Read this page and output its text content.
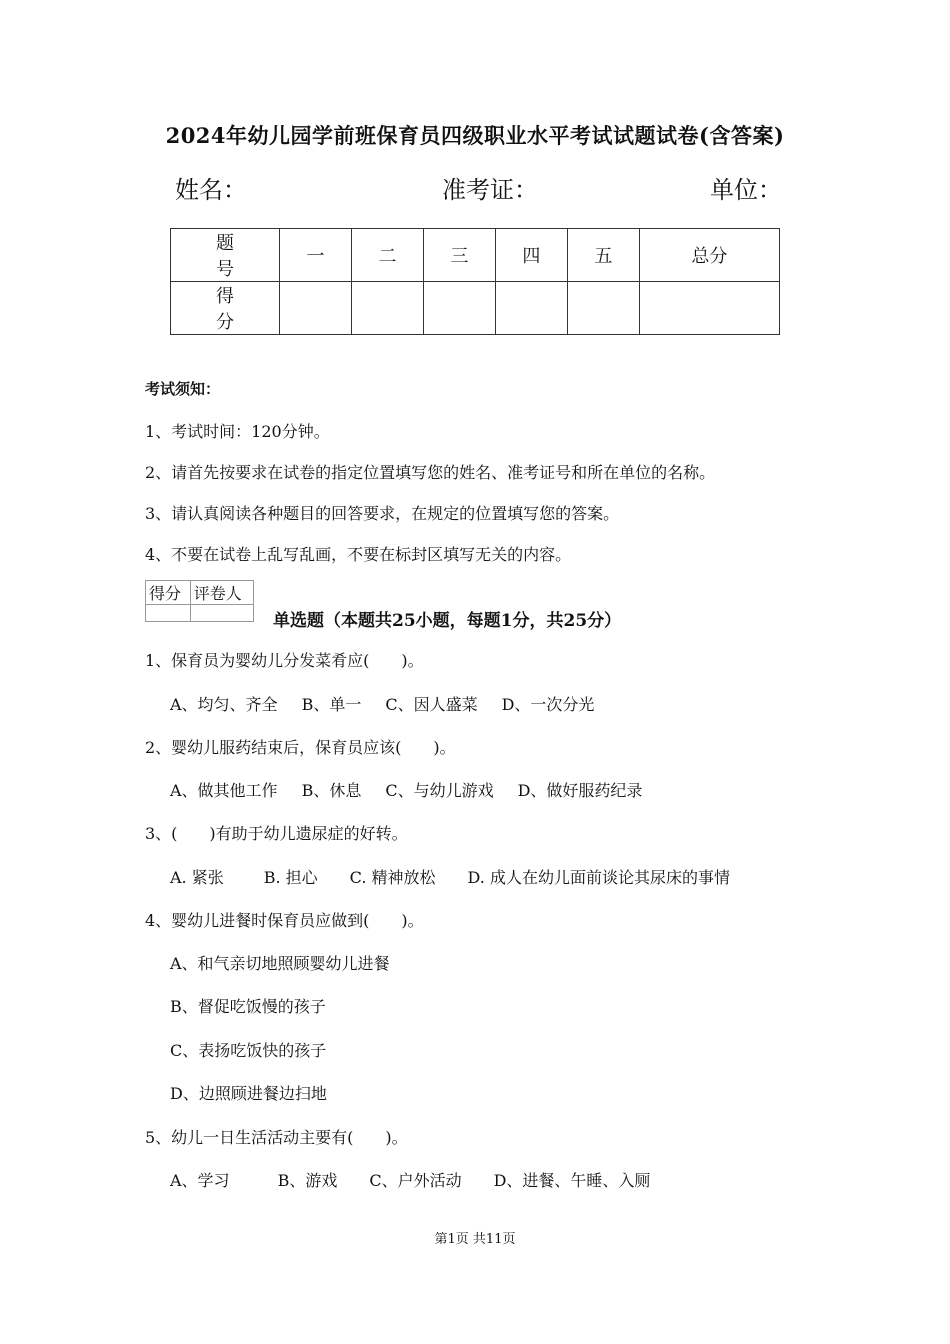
2024年幼儿园学前班保育员四级职业水平考试试题试卷(含答案)
姓名：	准考证：	单位：
题　号	一	二	三	四	五	总分
得　分						
考试须知：
1、考试时间：120分钟。
2、请首先按要求在试卷的指定位置填写您的姓名、准考证号和所在单位的名称。
3、请认真阅读各种题目的回答要求，在规定的位置填写您的答案。
4、不要在试卷上乱写乱画，不要在标封区填写无关的内容。
得分	评卷人

单选题（本题共25小题，每题1分，共25分）
1、保育员为婴幼儿分发菜肴应(　　)。
A、均匀、齐全 B、单一 C、因人盛菜 D、一次分光
2、婴幼儿服药结束后，保育员应该(　　)。
A、做其他工作 B、休息 C、与幼儿游戏 D、做好服药纪录
3、(　　)有助于幼儿遗尿症的好转。
A. 紧张	B. 担心 C. 精神放松 D. 成人在幼儿面前谈论其尿床的事情
4、婴幼儿进餐时保育员应做到(　　)。
A、和气亲切地照顾婴幼儿进餐
B、督促吃饭慢的孩子
C、表扬吃饭快的孩子
D、边照顾进餐边扫地
5、幼儿一日生活活动主要有(　　)。
A、学习	B、游戏 C、户外活动 D、进餐、午睡、入厕
第1页 共11页
